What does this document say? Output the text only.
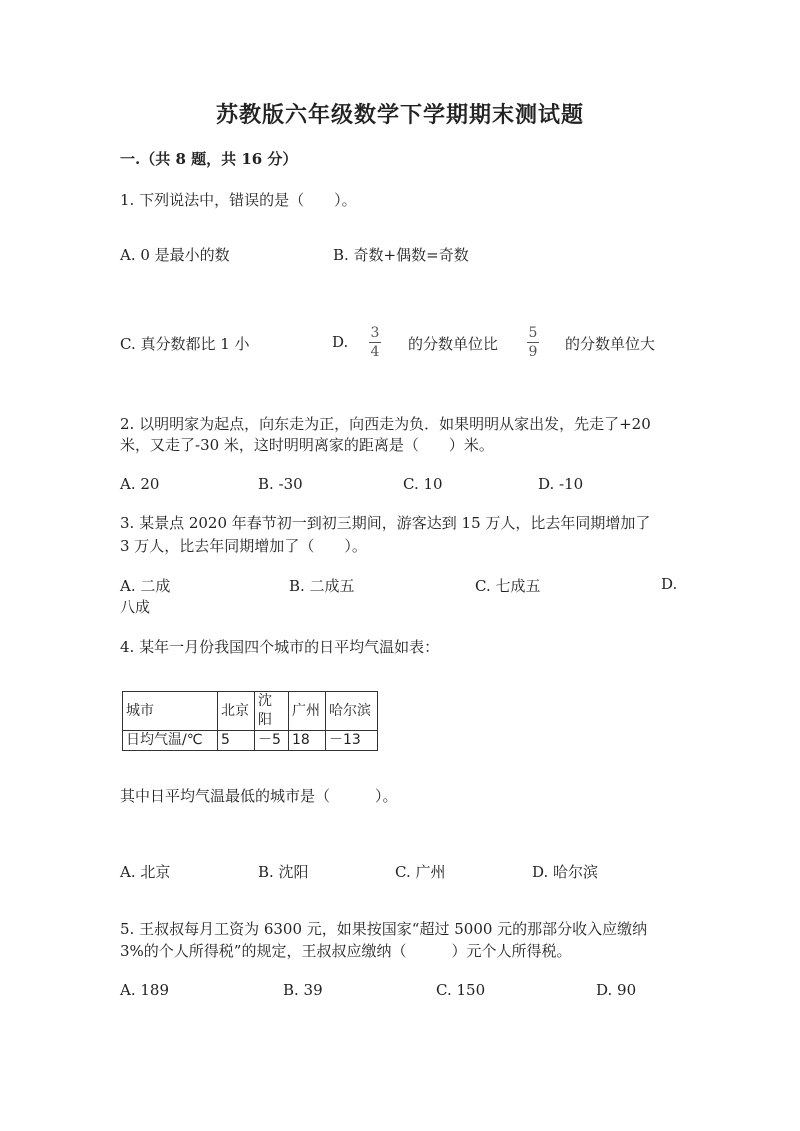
苏教版六年级数学下学期期末测试题
一.（共 8 题，共 16 分）
1. 下列说法中，错误的是（　　）。
A. 0 是最小的数	B. 奇数+偶数=奇数
C. 真分数都比 1 小	D. 3
4 的分数单位比
5
9 的分数单位大
2. 以明明家为起点，向东走为正，向西走为负．如果明明从家出发，先走了+20
米，又走了-30 米，这时明明离家的距离是（　　）米。
A. 20	B. -30	C. 10	D. -10
3. 某景点 2020 年春节初一到初三期间，游客达到 15 万人，比去年同期增加了
3 万人，比去年同期增加了（　　）。
A. 二成	B. 二成五	C. 七成五	D.
八成
4. 某年一月份我国四个城市的日平均气温如表：
城市	北京	沈阳	广州	哈尔滨
日均气温/℃	5	－5	18	－13
其中日平均气温最低的城市是（　　　）。
A. 北京	B. 沈阳	C. 广州	D. 哈尔滨
5. 王叔叔每月工资为 6300 元，如果按国家“超过 5000 元的那部分收入应缴纳
3%的个人所得税”的规定，王叔叔应缴纳（　　　）元个人所得税。
A. 189	B. 39	C. 150	D. 90
